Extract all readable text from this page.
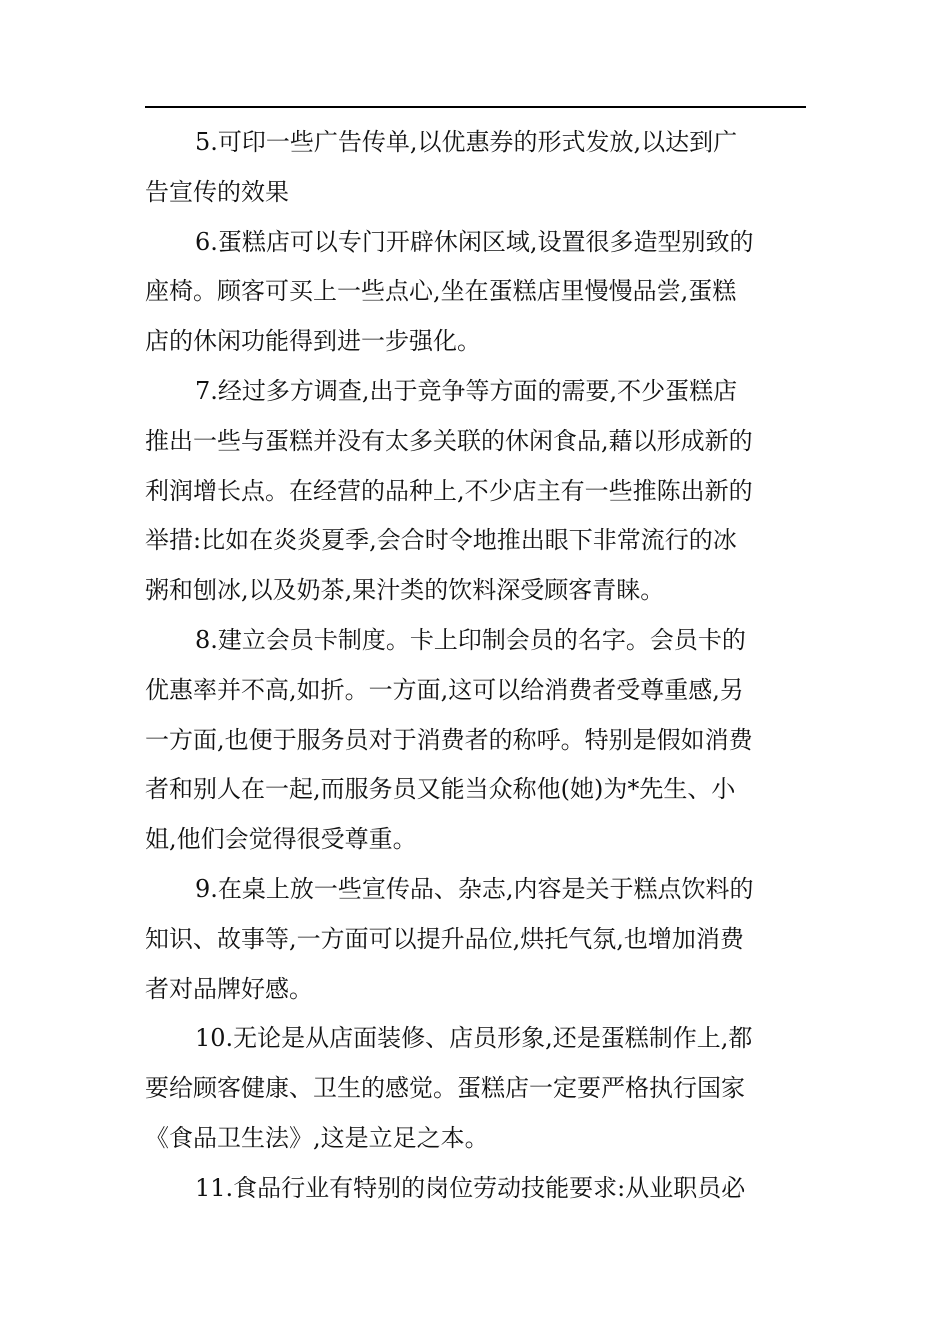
5.可印一些广告传单,以优惠券的形式发放,以达到广
告宣传的效果
6.蛋糕店可以专门开辟休闲区域,设置很多造型别致的
座椅。顾客可买上一些点心,坐在蛋糕店里慢慢品尝,蛋糕
店的休闲功能得到进一步强化。
7.经过多方调查,出于竞争等方面的需要,不少蛋糕店
推出一些与蛋糕并没有太多关联的休闲食品,藉以形成新的
利润增长点。在经营的品种上,不少店主有一些推陈出新的
举措:比如在炎炎夏季,会合时令地推出眼下非常流行的冰
粥和刨冰,以及奶茶,果汁类的饮料深受顾客青睐。
8.建立会员卡制度。卡上印制会员的名字。会员卡的
优惠率并不高,如折。一方面,这可以给消费者受尊重感,另
一方面,也便于服务员对于消费者的称呼。特别是假如消费
者和别人在一起,而服务员又能当众称他(她)为*先生、小
姐,他们会觉得很受尊重。
9.在桌上放一些宣传品、杂志,内容是关于糕点饮料的
知识、故事等,一方面可以提升品位,烘托气氛,也增加消费
者对品牌好感。
10.无论是从店面装修、店员形象,还是蛋糕制作上,都
要给顾客健康、卫生的感觉。蛋糕店一定要严格执行国家
《食品卫生法》,这是立足之本。
11.食品行业有特别的岗位劳动技能要求:从业职员必
